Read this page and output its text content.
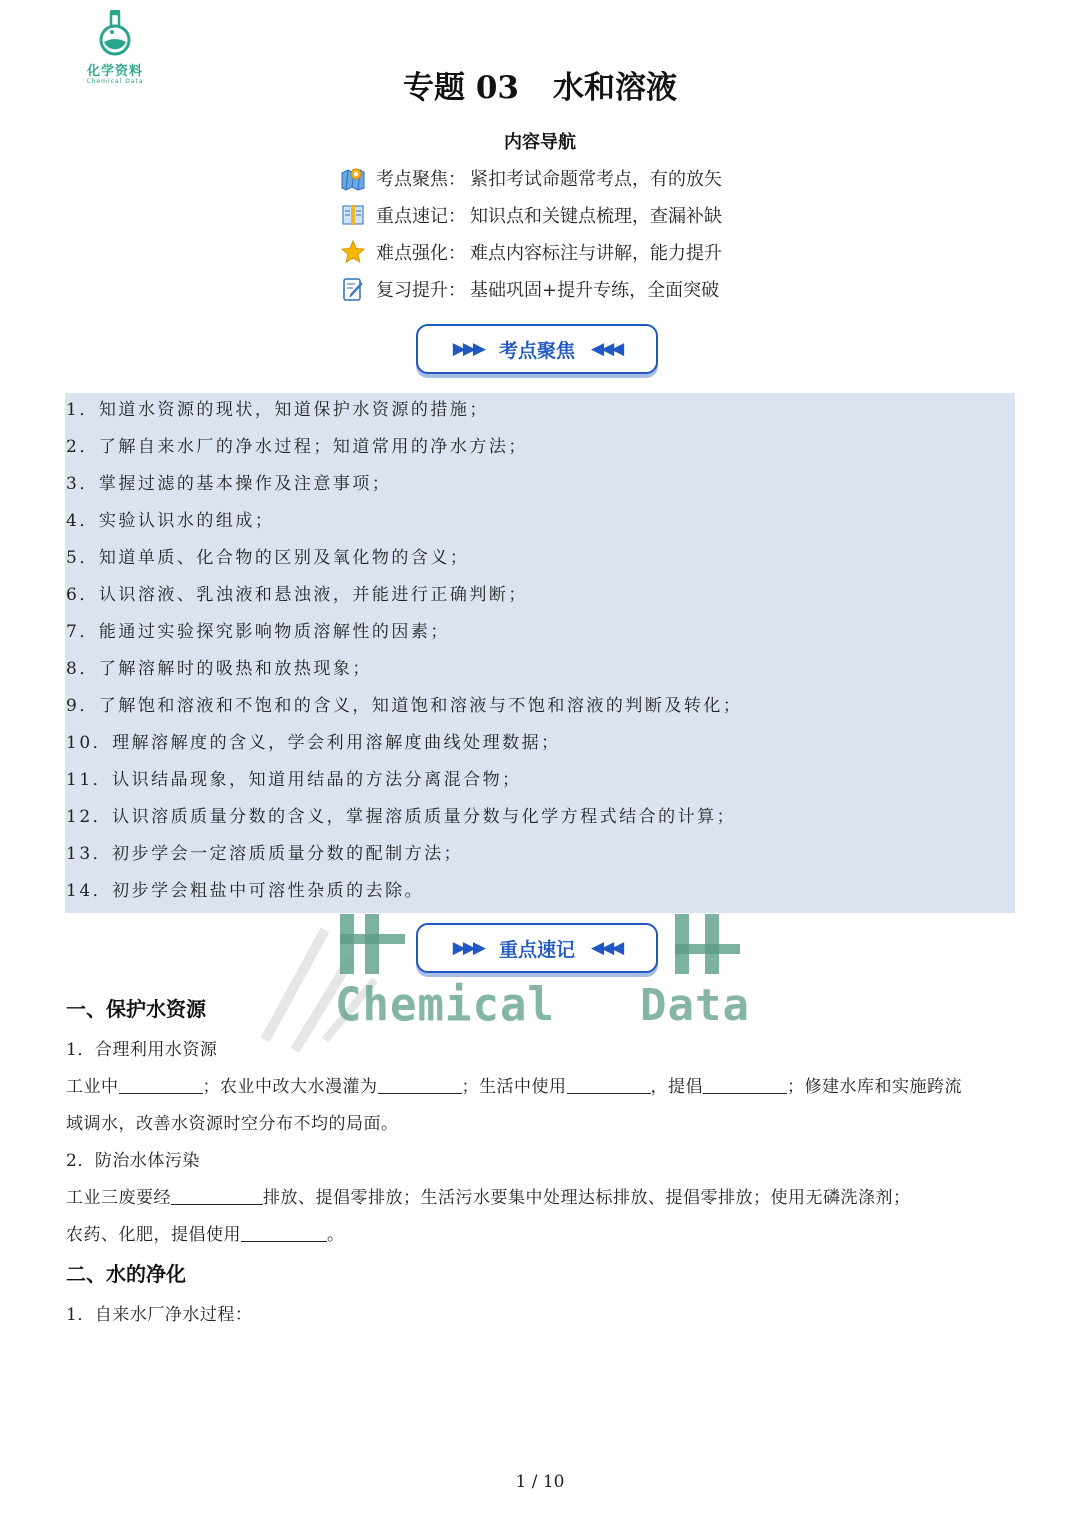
化学资料
Chemical Data	专题 03 水和溶液
内容导航
考点聚焦： 紧扣考试命题常考点，有的放矢
重点速记： 知识点和关键点梳理，查漏补缺
难点强化： 难点内容标注与讲解，能力提升
复习提升： 基础巩固+提升专练，全面突破
▶▶▶ 考点聚焦 ◀◀◀
1．知道水资源的现状，知道保护水资源的措施；
2．了解自来水厂的净水过程；知道常用的净水方法；
3．掌握过滤的基本操作及注意事项；
4．实验认识水的组成；
5．知道单质、化合物的区别及氧化物的含义；
6．认识溶液、乳浊液和悬浊液，并能进行正确判断；
7．能通过实验探究影响物质溶解性的因素；
8．了解溶解时的吸热和放热现象；
9．了解饱和溶液和不饱和的含义，知道饱和溶液与不饱和溶液的判断及转化；
10．理解溶解度的含义，学会利用溶解度曲线处理数据；
11．认识结晶现象，知道用结晶的方法分离混合物；
12．认识溶质质量分数的含义，掌握溶质质量分数与化学方程式结合的计算；
13．初步学会一定溶质质量分数的配制方法；
14．初步学会粗盐中可溶性杂质的去除。
Chemical Data
▶▶▶ 重点速记 ◀◀◀
一、保护水资源
1．合理利用水资源
工业中	；农业中改大水漫灌为	；生活中使用	，提倡	；修建水库和实施跨流
域调水，改善水资源时空分布不均的局面。
2．防治水体污染
工业三废要经	排放、提倡零排放；生活污水要集中处理达标排放、提倡零排放；使用无磷洗涤剂；
农药、化肥，提倡使用	。
二、水的净化
1．自来水厂净水过程：
1 / 10
